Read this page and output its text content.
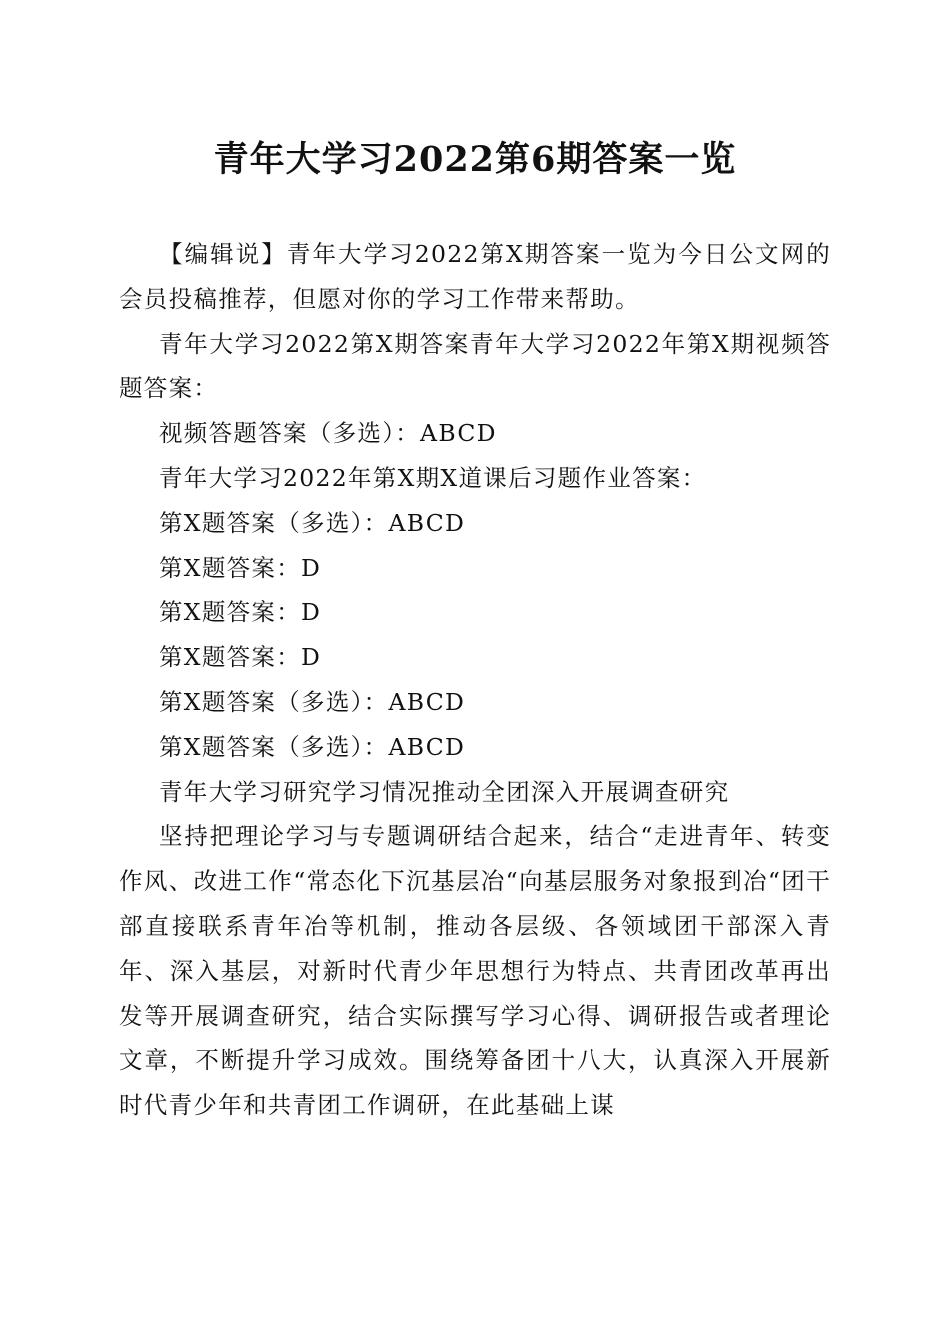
青年大学习2022第6期答案一览

【编辑说】青年大学习2022第X期答案一览为今日公文网的会员投稿推荐，但愿对你的学习工作带来帮助。

青年大学习2022第X期答案青年大学习2022年第X期视频答题答案：

视频答题答案（多选）：ABCD

青年大学习2022年第X期X道课后习题作业答案：

第X题答案（多选）：ABCD

第X题答案：D

第X题答案：D

第X题答案：D

第X题答案（多选）：ABCD

第X题答案（多选）：ABCD

青年大学习研究学习情况推动全团深入开展调查研究

坚持把理论学习与专题调研结合起来，结合“走进青年、转变作风、改进工作“常态化下沉基层冶“向基层服务对象报到冶“团干部直接联系青年冶等机制，推动各层级、各领域团干部深入青年、深入基层，对新时代青少年思想行为特点、共青团改革再出发等开展调查研究，结合实际撰写学习心得、调研报告或者理论文章，不断提升学习成效。围绕筹备团十八大，认真深入开展新时代青少年和共青团工作调研，在此基础上谋
